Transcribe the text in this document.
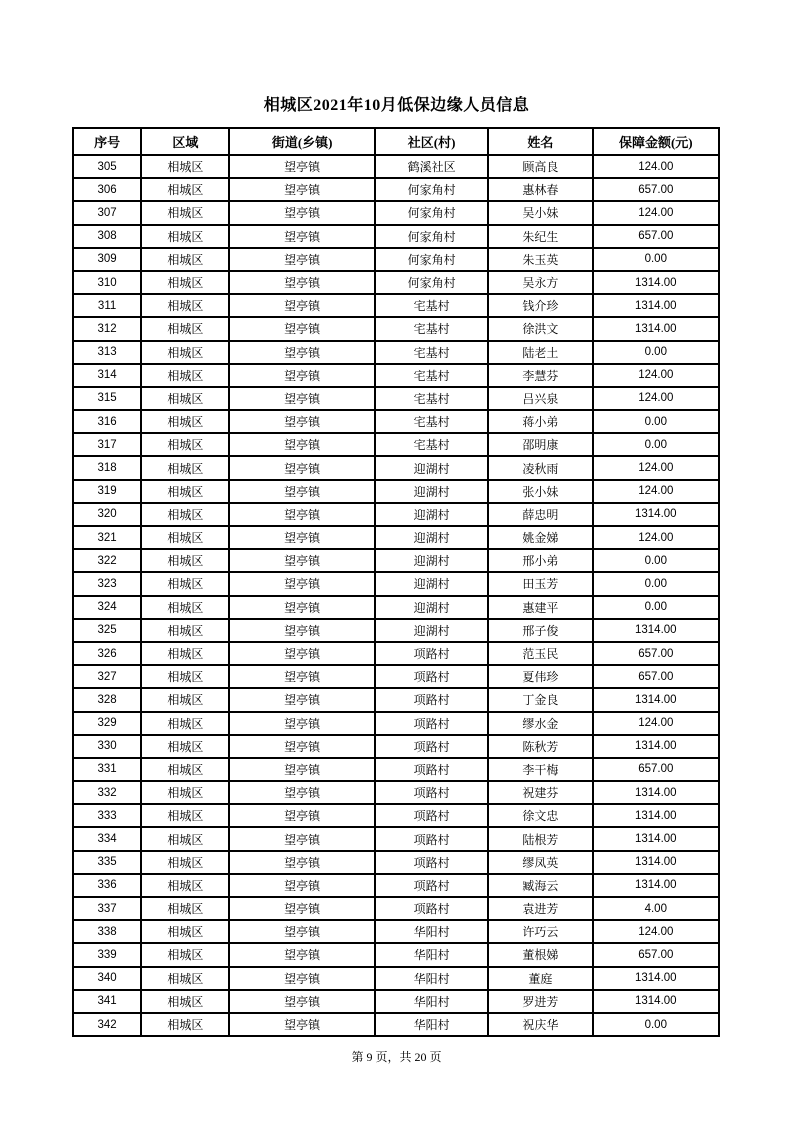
相城区2021年10月低保边缘人员信息
序号	区域	街道(乡镇)	社区(村)	姓名	保障金额(元)
305	相城区	望亭镇	鹤溪社区	顾高良	124.00
306	相城区	望亭镇	何家角村	惠林春	657.00
307	相城区	望亭镇	何家角村	吴小妹	124.00
308	相城区	望亭镇	何家角村	朱纪生	657.00
309	相城区	望亭镇	何家角村	朱玉英	0.00
310	相城区	望亭镇	何家角村	吴永方	1314.00
311	相城区	望亭镇	宅基村	钱介珍	1314.00
312	相城区	望亭镇	宅基村	徐洪文	1314.00
313	相城区	望亭镇	宅基村	陆老土	0.00
314	相城区	望亭镇	宅基村	李慧芬	124.00
315	相城区	望亭镇	宅基村	吕兴泉	124.00
316	相城区	望亭镇	宅基村	蒋小弟	0.00
317	相城区	望亭镇	宅基村	邵明康	0.00
318	相城区	望亭镇	迎湖村	凌秋雨	124.00
319	相城区	望亭镇	迎湖村	张小妹	124.00
320	相城区	望亭镇	迎湖村	薛忠明	1314.00
321	相城区	望亭镇	迎湖村	姚金娣	124.00
322	相城区	望亭镇	迎湖村	邢小弟	0.00
323	相城区	望亭镇	迎湖村	田玉芳	0.00
324	相城区	望亭镇	迎湖村	惠建平	0.00
325	相城区	望亭镇	迎湖村	邢子俊	1314.00
326	相城区	望亭镇	项路村	范玉民	657.00
327	相城区	望亭镇	项路村	夏伟珍	657.00
328	相城区	望亭镇	项路村	丁金良	1314.00
329	相城区	望亭镇	项路村	缪水金	124.00
330	相城区	望亭镇	项路村	陈秋芳	1314.00
331	相城区	望亭镇	项路村	李干梅	657.00
332	相城区	望亭镇	项路村	祝建芬	1314.00
333	相城区	望亭镇	项路村	徐文忠	1314.00
334	相城区	望亭镇	项路村	陆根芳	1314.00
335	相城区	望亭镇	项路村	缪凤英	1314.00
336	相城区	望亭镇	项路村	臧海云	1314.00
337	相城区	望亭镇	项路村	袁进芳	4.00
338	相城区	望亭镇	华阳村	许巧云	124.00
339	相城区	望亭镇	华阳村	董根娣	657.00
340	相城区	望亭镇	华阳村	董庭	1314.00
341	相城区	望亭镇	华阳村	罗进芳	1314.00
342	相城区	望亭镇	华阳村	祝庆华	0.00
第 9 页，共 20 页
